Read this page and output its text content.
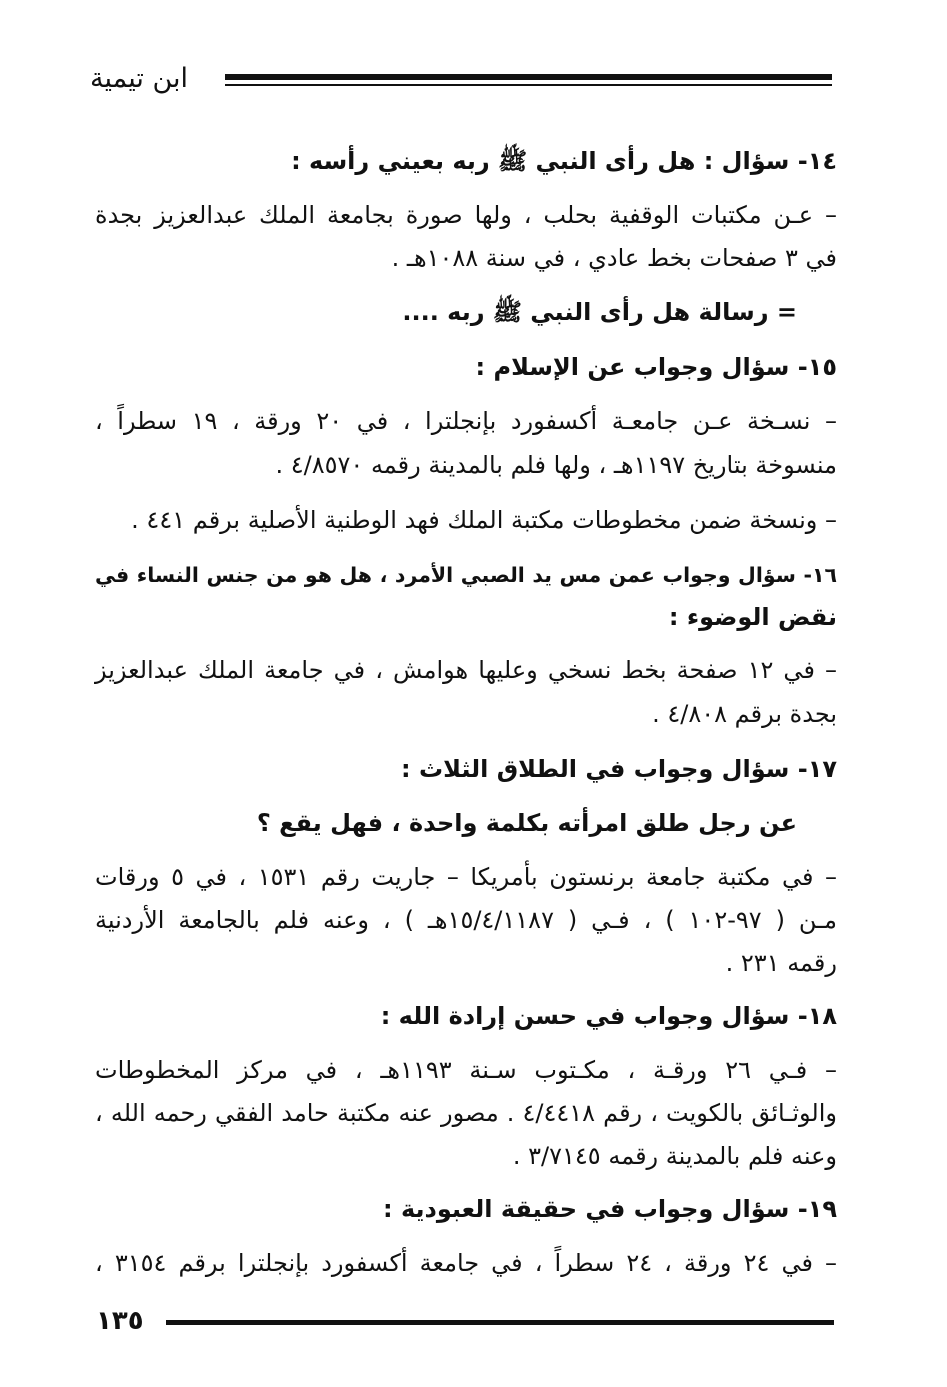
ابن تيمية
١٤- سؤال : هل رأى النبي ﷺ ربه بعيني رأسه :
– عـن مكتبات الوقفية بحلب ، ولها صورة بجامعة الملك عبدالعزيز بجدة
في ٣ صفحات بخط عادي ، في سنة ١٠٨٨هـ .
= رسالة هل رأى النبي ﷺ ربه ....
١٥- سؤال وجواب عن الإسلام :
– نسـخة عـن جامعـة أكسفورد بإنجلترا ، في ٢٠ ورقة ، ١٩ سطراً ،
منسوخة بتاريخ ١١٩٧هـ ، ولها فلم بالمدينة رقمه ٤/٨٥٧٠ .
– ونسخة ضمن مخطوطات مكتبة الملك فهد الوطنية الأصلية برقم ٤٤١ .
١٦- سؤال وجواب عمن مس يد الصبي الأمرد ، هل هو من جنس النساء في
نقض الوضوء :
– في ١٢ صفحة بخط نسخي وعليها هوامش ، في جامعة الملك عبدالعزيز
بجدة برقم ٤/٨٠٨ .
١٧- سؤال وجواب في الطلاق الثلاث :
عن رجل طلق امرأته بكلمة واحدة ، فهل يقع ؟
– في مكتبة جامعة برنستون بأمريكا – جاريت رقم ١٥٣١ ، في ٥ ورقات
مـن ( ٩٧-١٠٢ ) ، فـي ( ١٥/٤/١١٨٧هـ ) ، وعنه فلم بالجامعة الأردنية
رقمه ٢٣١ .
١٨- سؤال وجواب في حسن إرادة الله :
– فـي ٢٦ ورقـة ، مكـتوب سـنة ١١٩٣هـ ، في مركز المخطوطات
والوثـائق بالكويت ، رقم ٤/٤٤١٨ . مصور عنه مكتبة حامد الفقي رحمه الله ،
وعنه فلم بالمدينة رقمه ٣/٧١٤٥ .
١٩- سؤال وجواب في حقيقة العبودية :
– في ٢٤ ورقة ، ٢٤ سطراً ، في جامعة أكسفورد بإنجلترا برقم ٣١٥٤ ،
١٣٥
